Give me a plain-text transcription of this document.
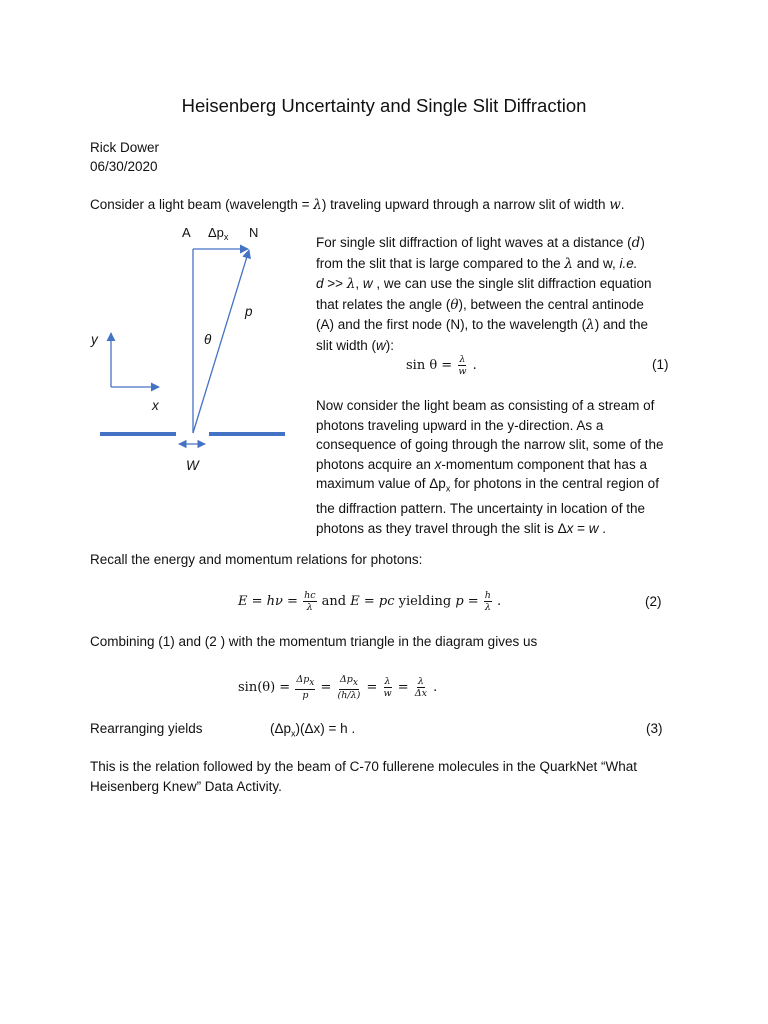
Heisenberg Uncertainty and Single Slit Diffraction
Rick Dower
06/30/2020
Consider a light beam (wavelength = λ) traveling upward through a narrow slit of width w.
A $\Delta p_x$ N
p
θ
y
x
W
For single slit diffraction of light waves at a distance (d)
from the slit that is large compared to the λ and w, i.e.
d >> λ, w , we can use the single slit diffraction equation
that relates the angle (θ), between the central antinode
(A) and the first node (N), to the wavelength (λ) and the
slit width (w):
$\sin \theta = \frac{\lambda}{w}$ .	(1)
Now consider the light beam as consisting of a stream of
photons traveling upward in the y-direction. As a
consequence of going through the narrow slit, some of the
photons acquire an x-momentum component that has a
maximum value of $\Delta p_x$ for photons in the central region of
the diffraction pattern. The uncertainty in location of the
photons as they travel through the slit is Δx = w .
Recall the energy and momentum relations for photons:
$E = h\nu = \frac{hc}{\lambda}$ and E = pc yielding $p = \frac{h}{\lambda}$ .	(2)
Combining (1) and (2 ) with the momentum triangle in the diagram gives us
$\sin(\theta) = \frac{\Delta p_x}{p} = \frac{\Delta p_x}{(h/\lambda)} = \frac{\lambda}{w} = \frac{\lambda}{\Delta x}$ .
Rearranging yields	$(\Delta p_x)(\Delta x) = h$ .	(3)
This is the relation followed by the beam of C-70 fullerene molecules in the QuarkNet “What Heisenberg Knew” Data Activity.
